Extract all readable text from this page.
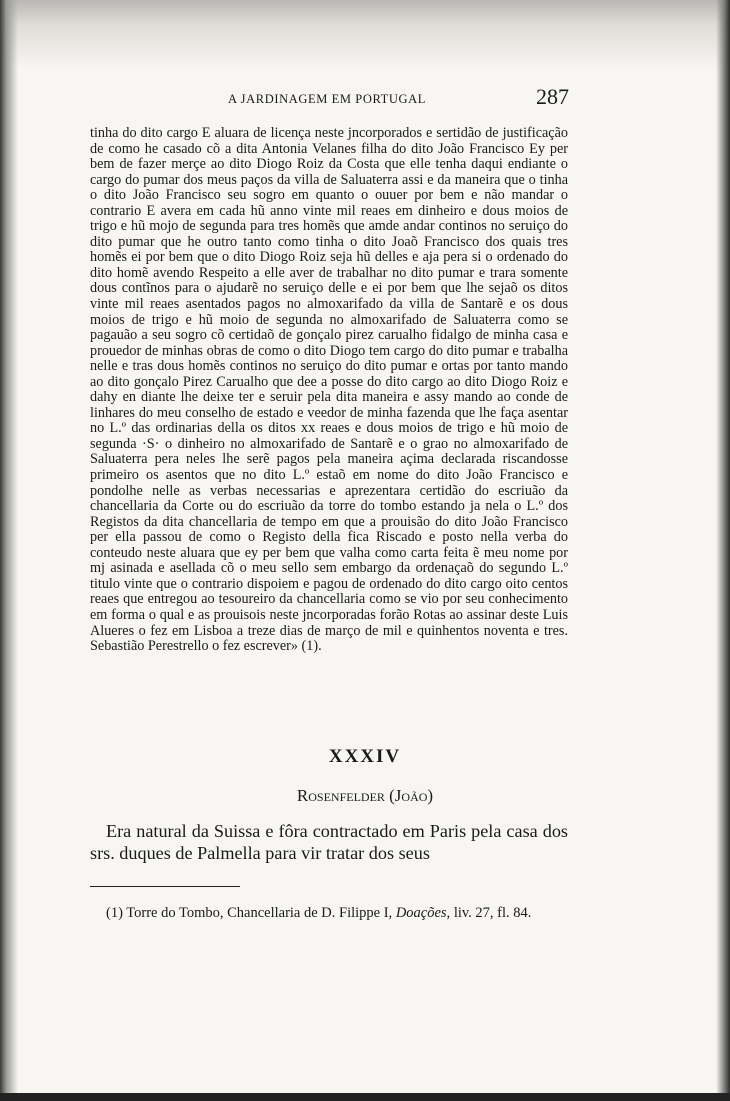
A JARDINAGEM EM PORTUGAL	287

tinha do dito cargo E aluara de licença neste jncorporados e sertidão de justificação de como he casado cõ a dita Antonia Velanes filha do dito João Francisco Ey per bem de fazer merçe ao dito Diogo Roiz da Costa que elle tenha daqui endiante o cargo do pumar dos meus paços da villa de Saluaterra assi e da maneira que o tinha o dito João Francisco seu sogro em quanto o ouuer por bem e não mandar o contrario E avera em cada hũ anno vinte mil reaes em dinheiro e dous moios de trigo e hũ mojo de segunda para tres homẽs que amde andar continos no seruiço do dito pumar que he outro tanto como tinha o dito Joaõ Francisco dos quais tres homẽs ei por bem que o dito Diogo Roiz seja hũ delles e aja pera si o ordenado do dito homẽ avendo Respeito a elle aver de trabalhar no dito pumar e trara somente dous contĩnos para o ajudarẽ no seruiço delle e ei por bem que lhe sejaõ os ditos vinte mil reaes asentados pagos no almoxarifado da villa de Santarẽ e os dous moios de trigo e hũ moio de segunda no almoxarifado de Saluaterra como se pagauão a seu sogro cõ certidaõ de gonçalo pirez carualho fidalgo de minha casa e prouedor de minhas obras de como o dito Diogo tem cargo do dito pumar e trabalha nelle e tras dous homẽs continos no seruiço do dito pumar e ortas por tanto mando ao dito gonçalo Pirez Carualho que dee a posse do dito cargo ao dito Diogo Roiz e dahy en diante lhe deixe ter e seruir pela dita maneira e assy mando ao conde de linhares do meu conselho de estado e veedor de minha fazenda que lhe faça asentar no L.º das ordinarias della os ditos xx reaes e dous moios de trigo e hũ moio de segunda ·S· o dinheiro no almoxarifado de Santarẽ e o grao no almoxarifado de Saluaterra pera neles lhe serẽ pagos pela maneira açima declarada riscandosse primeiro os asentos que no dito L.º estaõ em nome do dito João Francisco e pondolhe nelle as verbas necessarias e aprezentara certidão do escriuão da chancellaria da Corte ou do escriuão da torre do tombo estando ja nela o L.º dos Registos da dita chancellaria de tempo em que a prouisão do dito João Francisco per ella passou de como o Registo della fica Riscado e posto nella verba do conteudo neste aluara que ey per bem que valha como carta feita ẽ meu nome por mj asinada e asellada cõ o meu sello sem embargo da ordenaçaõ do segundo L.º titulo vinte que o contrario dispoiem e pagou de ordenado do dito cargo oito centos reaes que entregou ao tesoureiro da chancellaria como se vio por seu conhecimento em forma o qual e as prouisois neste jncorporadas forão Rotas ao assinar deste Luis Alueres o fez em Lisboa a treze dias de março de mil e quinhentos noventa e tres. Sebastião Perestrello o fez escrever» (1).

XXXIV
Rosenfelder (João)

Era natural da Suissa e fôra contractado em Paris pela casa dos srs. duques de Palmella para vir tratar dos seus

(1) Torre do Tombo, Chancellaria de D. Filippe I, Doações, liv. 27, fl. 84.
